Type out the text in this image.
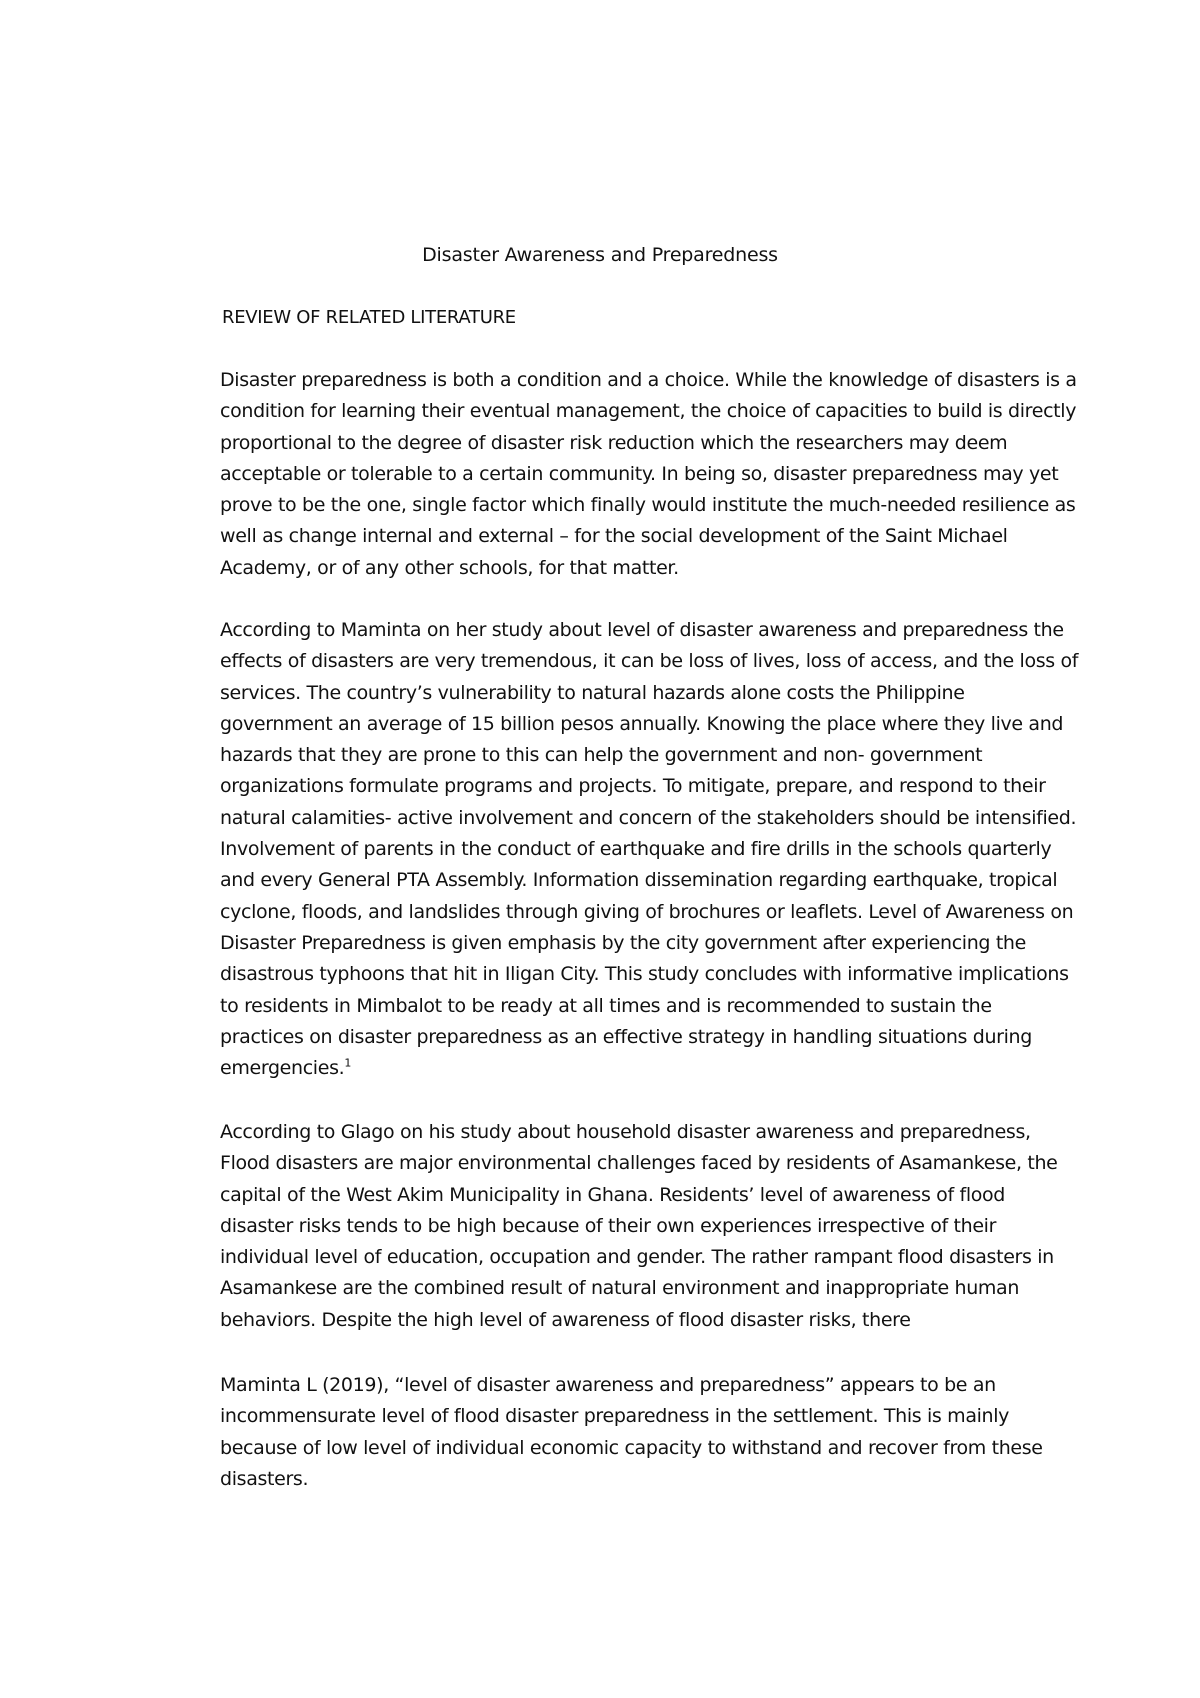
Disaster Awareness and Preparedness
REVIEW OF RELATED LITERATURE

Disaster preparedness is both a condition and a choice. While the knowledge of disasters is a
condition for learning their eventual management, the choice of capacities to build is directly
proportional to the degree of disaster risk reduction which the researchers may deem
acceptable or tolerable to a certain community. In being so, disaster preparedness may yet
prove to be the one, single factor which finally would institute the much-needed resilience as
well as change internal and external – for the social development of the Saint Michael
Academy, or of any other schools, for that matter.

According to Maminta on her study about level of disaster awareness and preparedness the
effects of disasters are very tremendous, it can be loss of lives, loss of access, and the loss of
services. The country’s vulnerability to natural hazards alone costs the Philippine
government an average of 15 billion pesos annually. Knowing the place where they live and
hazards that they are prone to this can help the government and non- government
organizations formulate programs and projects. To mitigate, prepare, and respond to their
natural calamities- active involvement and concern of the stakeholders should be intensified.
Involvement of parents in the conduct of earthquake and fire drills in the schools quarterly
and every General PTA Assembly. Information dissemination regarding earthquake, tropical
cyclone, floods, and landslides through giving of brochures or leaflets. Level of Awareness on
Disaster Preparedness is given emphasis by the city government after experiencing the
disastrous typhoons that hit in Iligan City. This study concludes with informative implications
to residents in Mimbalot to be ready at all times and is recommended to sustain the
practices on disaster preparedness as an effective strategy in handling situations during
emergencies.$^1$

According to Glago on his study about household disaster awareness and preparedness,
Flood disasters are major environmental challenges faced by residents of Asamankese, the
capital of the West Akim Municipality in Ghana. Residents’ level of awareness of flood
disaster risks tends to be high because of their own experiences irrespective of their
individual level of education, occupation and gender. The rather rampant flood disasters in
Asamankese are the combined result of natural environment and inappropriate human
behaviors. Despite the high level of awareness of flood disaster risks, there

Maminta L (2019), “level of disaster awareness and preparedness” appears to be an
incommensurate level of flood disaster preparedness in the settlement. This is mainly
because of low level of individual economic capacity to withstand and recover from these
disasters.
